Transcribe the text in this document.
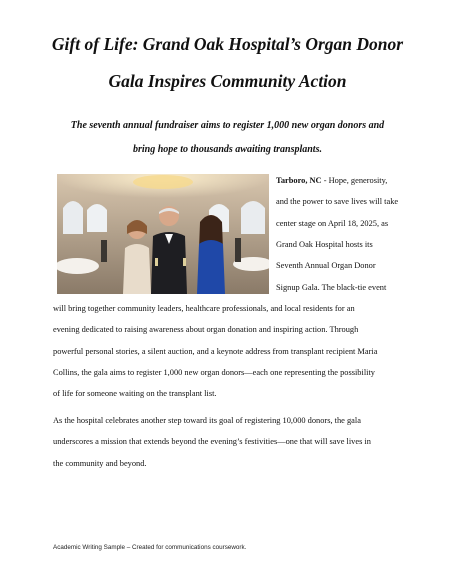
Gift of Life: Grand Oak Hospital’s Organ Donor

Gala Inspires Community Action

The seventh annual fundraiser aims to register 1,000 new organ donors and

bring hope to thousands awaiting transplants.

Tarboro, NC - Hope, generosity,

and the power to save lives will take

center stage on April 18, 2025, as

Grand Oak Hospital hosts its

Seventh Annual Organ Donor

Signup Gala. The black-tie event

will bring together community leaders, healthcare professionals, and local residents for an

evening dedicated to raising awareness about organ donation and inspiring action. Through

powerful personal stories, a silent auction, and a keynote address from transplant recipient Maria

Collins, the gala aims to register 1,000 new organ donors—each one representing the possibility

of life for someone waiting on the transplant list.

As the hospital celebrates another step toward its goal of registering 10,000 donors, the gala

underscores a mission that extends beyond the evening’s festivities—one that will save lives in

the community and beyond.

Academic Writing Sample – Created for communications coursework.
